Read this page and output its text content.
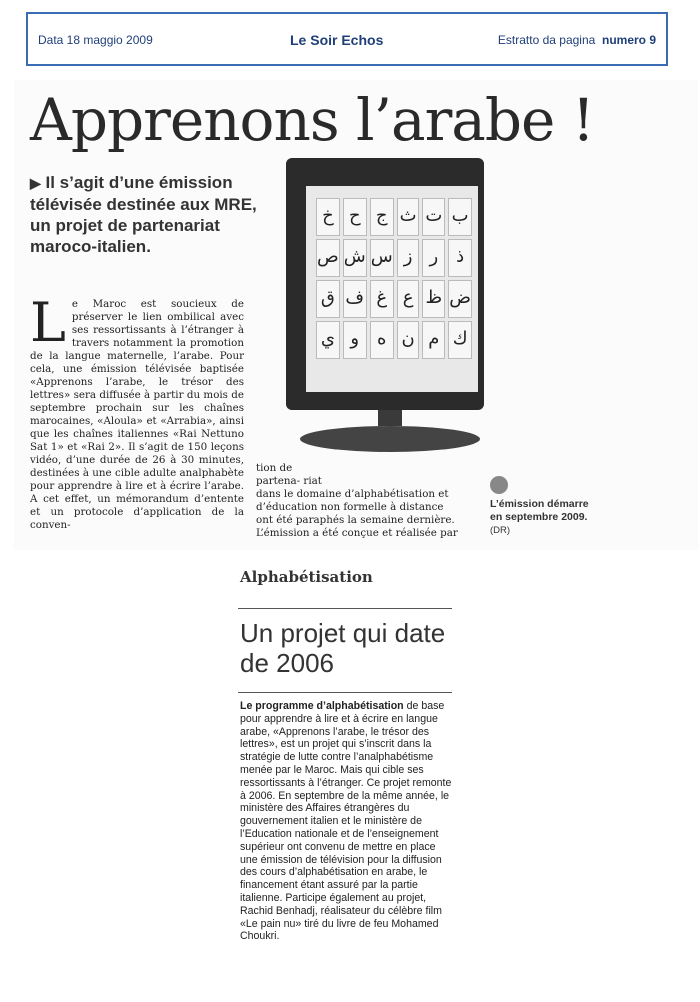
Data 18 maggio 2009	Le Soir Echos	Estratto da pagina numero 9
Apprenons l’arabe !
▶ Il s’agit d’une émission télévisée destinée aux MRE, un projet de partenariat maroco-italien.
L e Maroc est soucieux de préserver le lien ombilical avec ses ressortissants à l’étranger à travers notamment la promotion de la langue maternelle, l’arabe. Pour cela, une émission télévisée baptisée «Apprenons l’arabe, le trésor des lettres» sera diffusée à partir du mois de septembre prochain sur les chaînes marocaines, «Aloula» et «Arrabia», ainsi que les chaînes italiennes «Rai Nettuno Sat 1» et «Rai 2». Il s’agit de 150 leçons vidéo, d’une durée de 26 à 30 minutes, destinées à une cible adulte analphabète pour apprendre à lire et à écrire l’arabe. A cet effet, un mémorandum d’entente et un protocole d’application de la conven-
خ ح ج ث ت ب
ص ش س ز ر ذ
ق ف غ ع ظ ض
ي و ه ن م ك
tion de
partena- riat
dans le domaine d’alphabétisation et
d’éducation non formelle à distance
ont été paraphés la semaine dernière.
L’émission a été conçue et réalisée par
L’émission démarre en septembre 2009. (DR)
Alphabétisation
Un projet qui date de 2006
Le programme d’alphabétisation de base pour apprendre à lire et à écrire en langue arabe, «Apprenons l’arabe, le trésor des lettres», est un projet qui s’inscrit dans la stratégie de lutte contre l’analphabétisme menée par le Maroc. Mais qui cible ses ressortissants à l’étranger. Ce projet remonte à 2006. En septembre de la même année, le ministère des Affaires étrangères du gouvernement italien et le ministère de l’Education nationale et de l’enseignement supérieur ont convenu de mettre en place une émission de télévision pour la diffusion des cours d’alphabétisation en arabe, le financement étant assuré par la partie italienne. Participe également au projet, Rachid Benhadj, réalisateur du célèbre film «Le pain nu» tiré du livre de feu Mohamed Choukri.
